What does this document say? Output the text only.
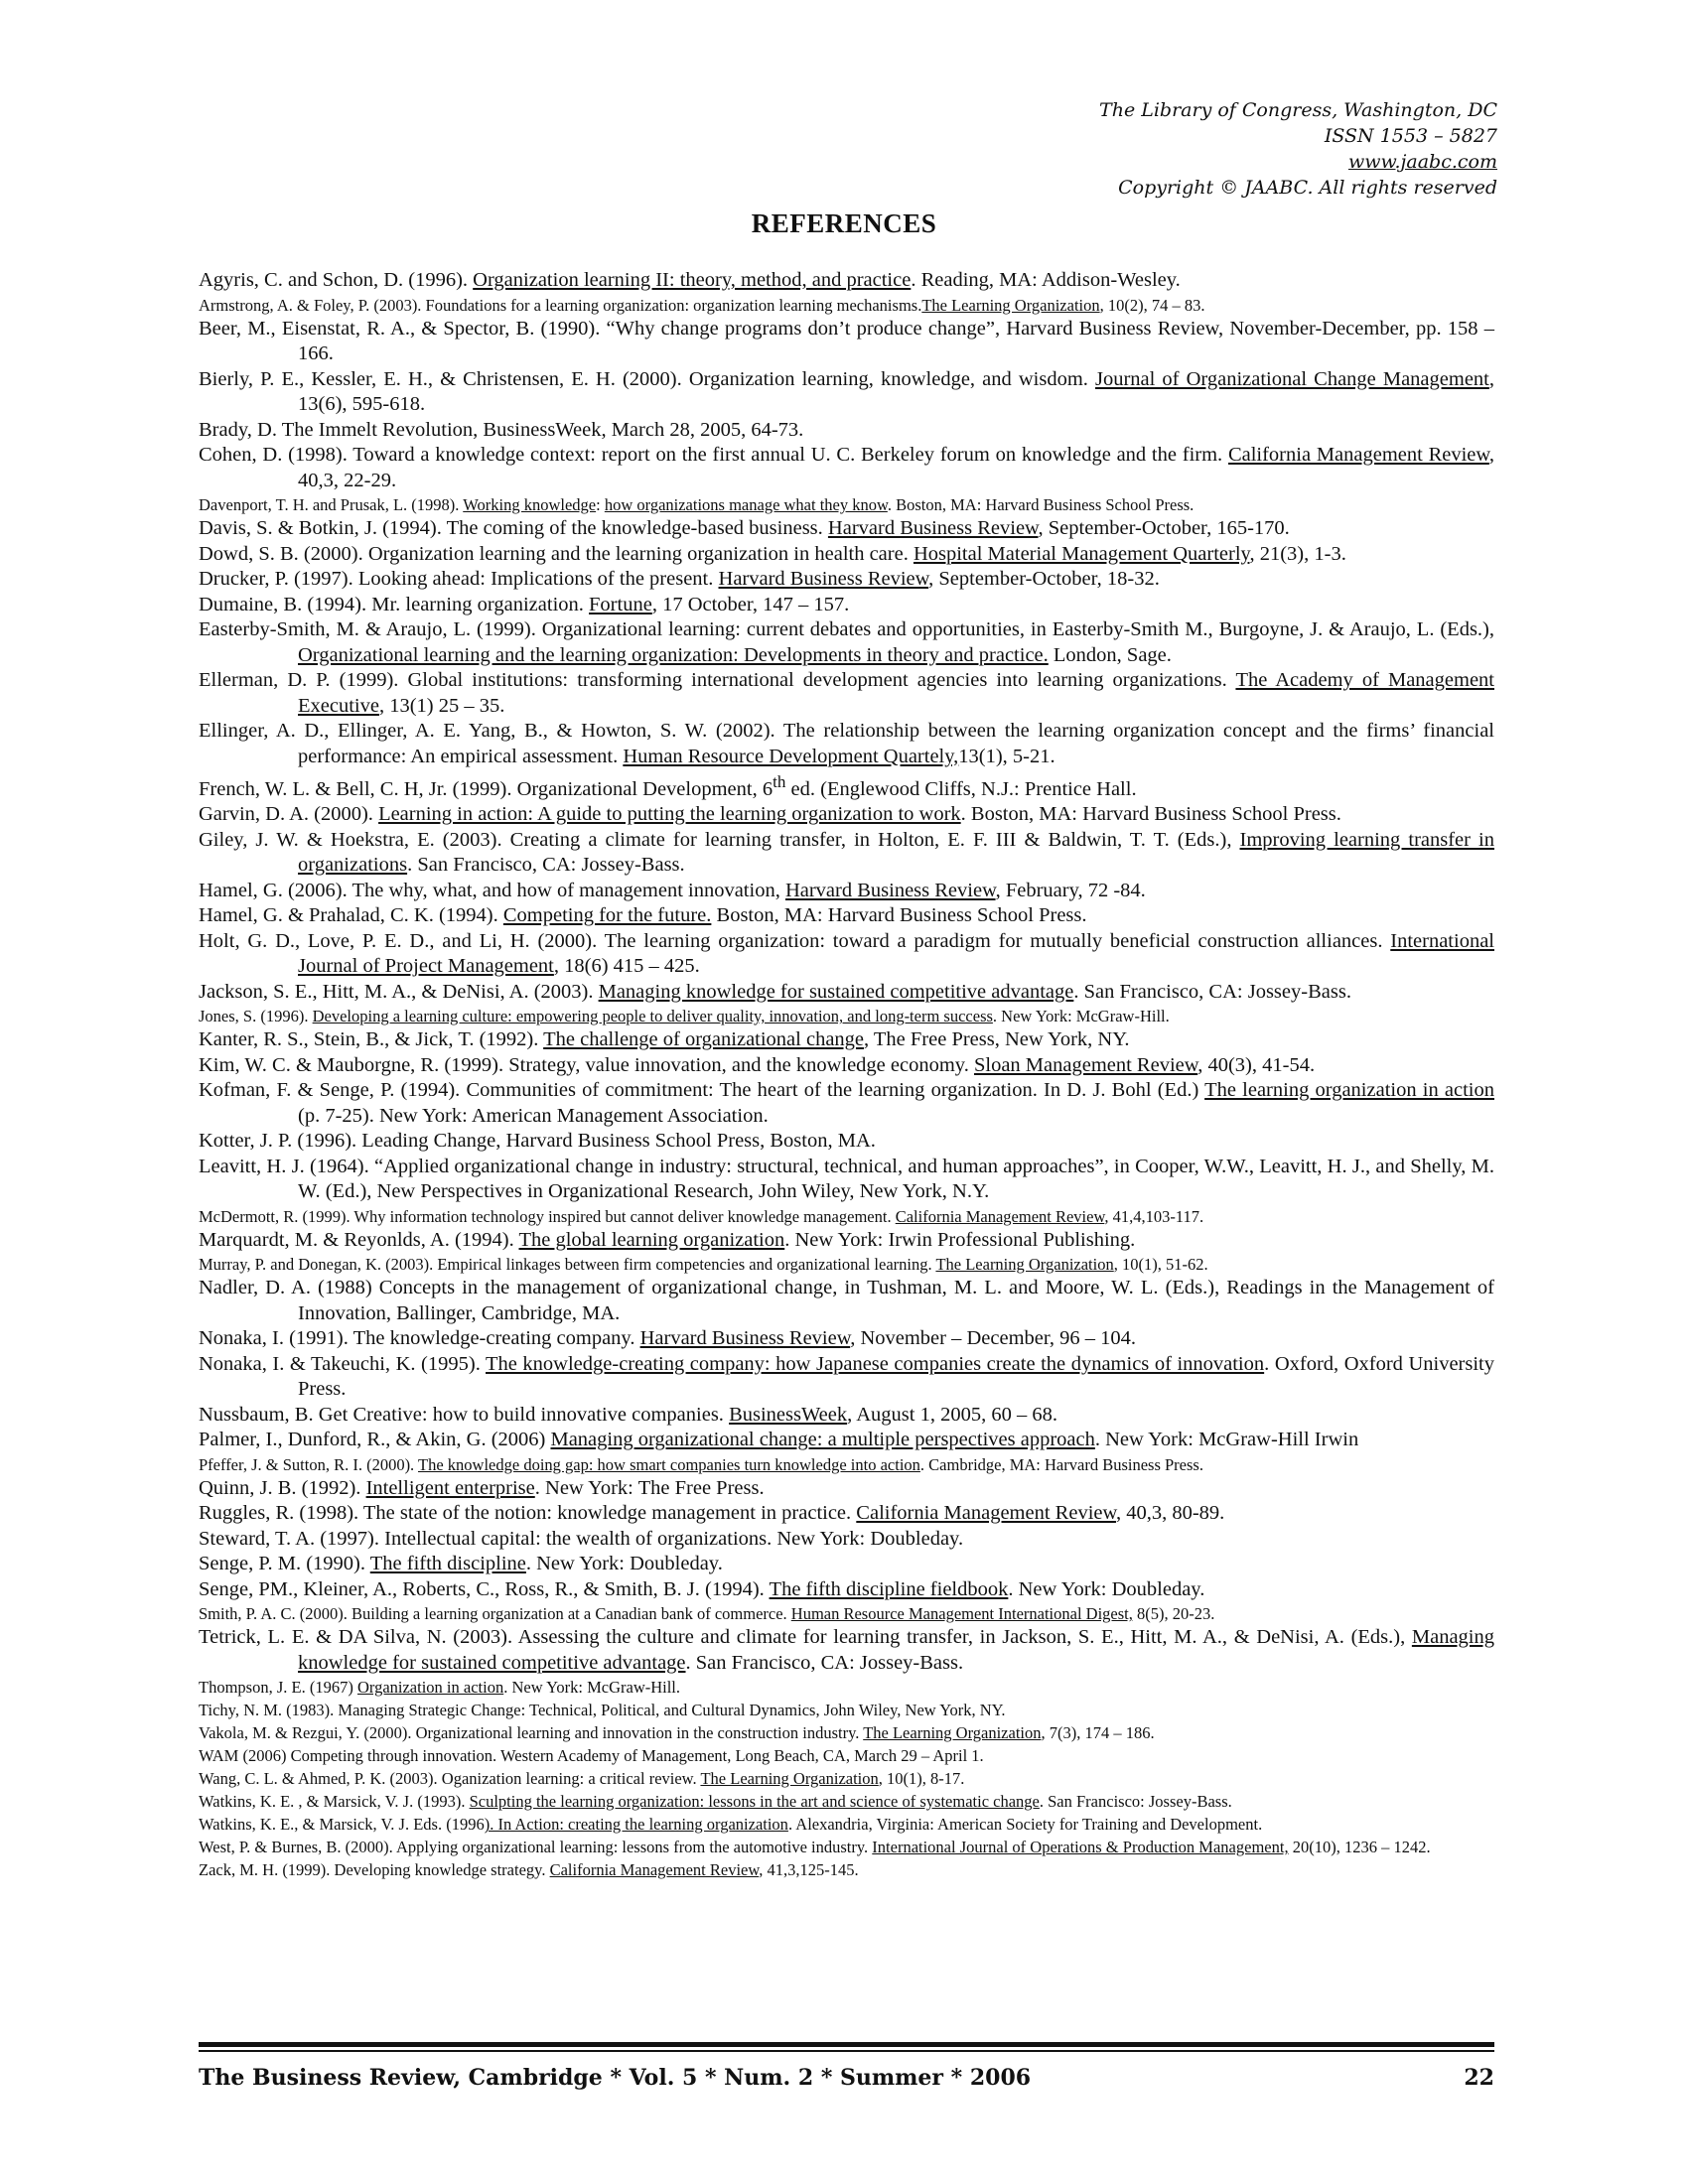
The Library of Congress, Washington, DC
ISSN 1553 – 5827
www.jaabc.com
Copyright © JAABC. All rights reserved
REFERENCES

Agyris, C. and Schon, D. (1996). Organization learning II: theory, method, and practice. Reading, MA: Addison-Wesley.

Armstrong, A. & Foley, P. (2003). Foundations for a learning organization: organization learning mechanisms.The Learning Organization, 10(2), 74 – 83.

Beer, M., Eisenstat, R. A., & Spector, B. (1990). “Why change programs don’t produce change”, Harvard Business Review, November-December, pp. 158 – 166.

Bierly, P. E., Kessler, E. H., & Christensen, E. H. (2000). Organization learning, knowledge, and wisdom. Journal of Organizational Change Management, 13(6), 595-618.

Brady, D. The Immelt Revolution, BusinessWeek, March 28, 2005, 64-73.

Cohen, D. (1998). Toward a knowledge context: report on the first annual U. C. Berkeley forum on knowledge and the firm. California Management Review, 40,3, 22-29.

Davenport, T. H. and Prusak, L. (1998). Working knowledge: how organizations manage what they know. Boston, MA: Harvard Business School Press.

Davis, S. & Botkin, J. (1994). The coming of the knowledge-based business. Harvard Business Review, September-October, 165-170.

Dowd, S. B. (2000). Organization learning and the learning organization in health care. Hospital Material Management Quarterly, 21(3), 1-3.

Drucker, P. (1997). Looking ahead: Implications of the present. Harvard Business Review, September-October, 18-32.

Dumaine, B. (1994). Mr. learning organization. Fortune, 17 October, 147 – 157.

Easterby-Smith, M. & Araujo, L. (1999). Organizational learning: current debates and opportunities, in Easterby-Smith M., Burgoyne, J. & Araujo, L. (Eds.), Organizational learning and the learning organization: Developments in theory and practice. London, Sage.

Ellerman, D. P. (1999). Global institutions: transforming international development agencies into learning organizations. The Academy of Management Executive, 13(1) 25 – 35.

Ellinger, A. D., Ellinger, A. E. Yang, B., & Howton, S. W. (2002). The relationship between the learning organization concept and the firms’ financial performance: An empirical assessment. Human Resource Development Quartely,13(1), 5-21.

French, W. L. & Bell, C. H, Jr. (1999). Organizational Development, 6th ed. (Englewood Cliffs, N.J.: Prentice Hall.

Garvin, D. A. (2000). Learning in action: A guide to putting the learning organization to work. Boston, MA: Harvard Business School Press.

Giley, J. W. & Hoekstra, E. (2003). Creating a climate for learning transfer, in Holton, E. F. III & Baldwin, T. T. (Eds.), Improving learning transfer in organizations. San Francisco, CA: Jossey-Bass.

Hamel, G. (2006). The why, what, and how of management innovation, Harvard Business Review, February, 72 -84.

Hamel, G. & Prahalad, C. K. (1994). Competing for the future. Boston, MA: Harvard Business School Press.

Holt, G. D., Love, P. E. D., and Li, H. (2000). The learning organization: toward a paradigm for mutually beneficial construction alliances. International Journal of Project Management, 18(6) 415 – 425.

Jackson, S. E., Hitt, M. A., & DeNisi, A. (2003). Managing knowledge for sustained competitive advantage. San Francisco, CA: Jossey-Bass.

Jones, S. (1996). Developing a learning culture: empowering people to deliver quality, innovation, and long-term success. New York: McGraw-Hill.

Kanter, R. S., Stein, B., & Jick, T. (1992). The challenge of organizational change, The Free Press, New York, NY.

Kim, W. C. & Mauborgne, R. (1999). Strategy, value innovation, and the knowledge economy. Sloan Management Review, 40(3), 41-54.

Kofman, F. & Senge, P. (1994). Communities of commitment: The heart of the learning organization. In D. J. Bohl (Ed.) The learning organization in action (p. 7-25). New York: American Management Association.

Kotter, J. P. (1996). Leading Change, Harvard Business School Press, Boston, MA.

Leavitt, H. J. (1964). “Applied organizational change in industry: structural, technical, and human approaches”, in Cooper, W.W., Leavitt, H. J., and Shelly, M. W. (Ed.), New Perspectives in Organizational Research, John Wiley, New York, N.Y.

McDermott, R. (1999). Why information technology inspired but cannot deliver knowledge management. California Management Review, 41,4,103-117.

Marquardt, M. & Reyonlds, A. (1994). The global learning organization. New York: Irwin Professional Publishing.

Murray, P. and Donegan, K. (2003). Empirical linkages between firm competencies and organizational learning. The Learning Organization, 10(1), 51-62.

Nadler, D. A. (1988) Concepts in the management of organizational change, in Tushman, M. L. and Moore, W. L. (Eds.), Readings in the Management of Innovation, Ballinger, Cambridge, MA.

Nonaka, I. (1991). The knowledge-creating company. Harvard Business Review, November – December, 96 – 104.

Nonaka, I. & Takeuchi, K. (1995). The knowledge-creating company: how Japanese companies create the dynamics of innovation. Oxford, Oxford University Press.

Nussbaum, B. Get Creative: how to build innovative companies. BusinessWeek, August 1, 2005, 60 – 68.

Palmer, I., Dunford, R., & Akin, G. (2006) Managing organizational change: a multiple perspectives approach. New York: McGraw-Hill Irwin

Pfeffer, J. & Sutton, R. I. (2000). The knowledge doing gap: how smart companies turn knowledge into action. Cambridge, MA: Harvard Business Press.

Quinn, J. B. (1992). Intelligent enterprise. New York: The Free Press.

Ruggles, R. (1998). The state of the notion: knowledge management in practice. California Management Review, 40,3, 80-89.

Steward, T. A. (1997). Intellectual capital: the wealth of organizations. New York: Doubleday.

Senge, P. M. (1990). The fifth discipline. New York: Doubleday.

Senge, PM., Kleiner, A., Roberts, C., Ross, R., & Smith, B. J. (1994). The fifth discipline fieldbook. New York: Doubleday.

Smith, P. A. C. (2000). Building a learning organization at a Canadian bank of commerce. Human Resource Management International Digest, 8(5), 20-23.

Tetrick, L. E. & DA Silva, N. (2003). Assessing the culture and climate for learning transfer, in Jackson, S. E., Hitt, M. A., & DeNisi, A. (Eds.), Managing knowledge for sustained competitive advantage. San Francisco, CA: Jossey-Bass.

Thompson, J. E. (1967) Organization in action. New York: McGraw-Hill.

Tichy, N. M. (1983). Managing Strategic Change: Technical, Political, and Cultural Dynamics, John Wiley, New York, NY.

Vakola, M. & Rezgui, Y. (2000). Organizational learning and innovation in the construction industry. The Learning Organization, 7(3), 174 – 186.

WAM (2006) Competing through innovation. Western Academy of Management, Long Beach, CA, March 29 – April 1.

Wang, C. L. & Ahmed, P. K. (2003). Oganization learning: a critical review. The Learning Organization, 10(1), 8-17.

Watkins, K. E. , & Marsick, V. J. (1993). Sculpting the learning organization: lessons in the art and science of systematic change. San Francisco: Jossey-Bass.

Watkins, K. E., & Marsick, V. J. Eds. (1996). In Action: creating the learning organization. Alexandria, Virginia: American Society for Training and Development.

West, P. & Burnes, B. (2000). Applying organizational learning: lessons from the automotive industry. International Journal of Operations & Production Management, 20(10), 1236 – 1242.

Zack, M. H. (1999). Developing knowledge strategy. California Management Review, 41,3,125-145.

The Business Review, Cambridge * Vol. 5 * Num. 2 * Summer * 2006	22
